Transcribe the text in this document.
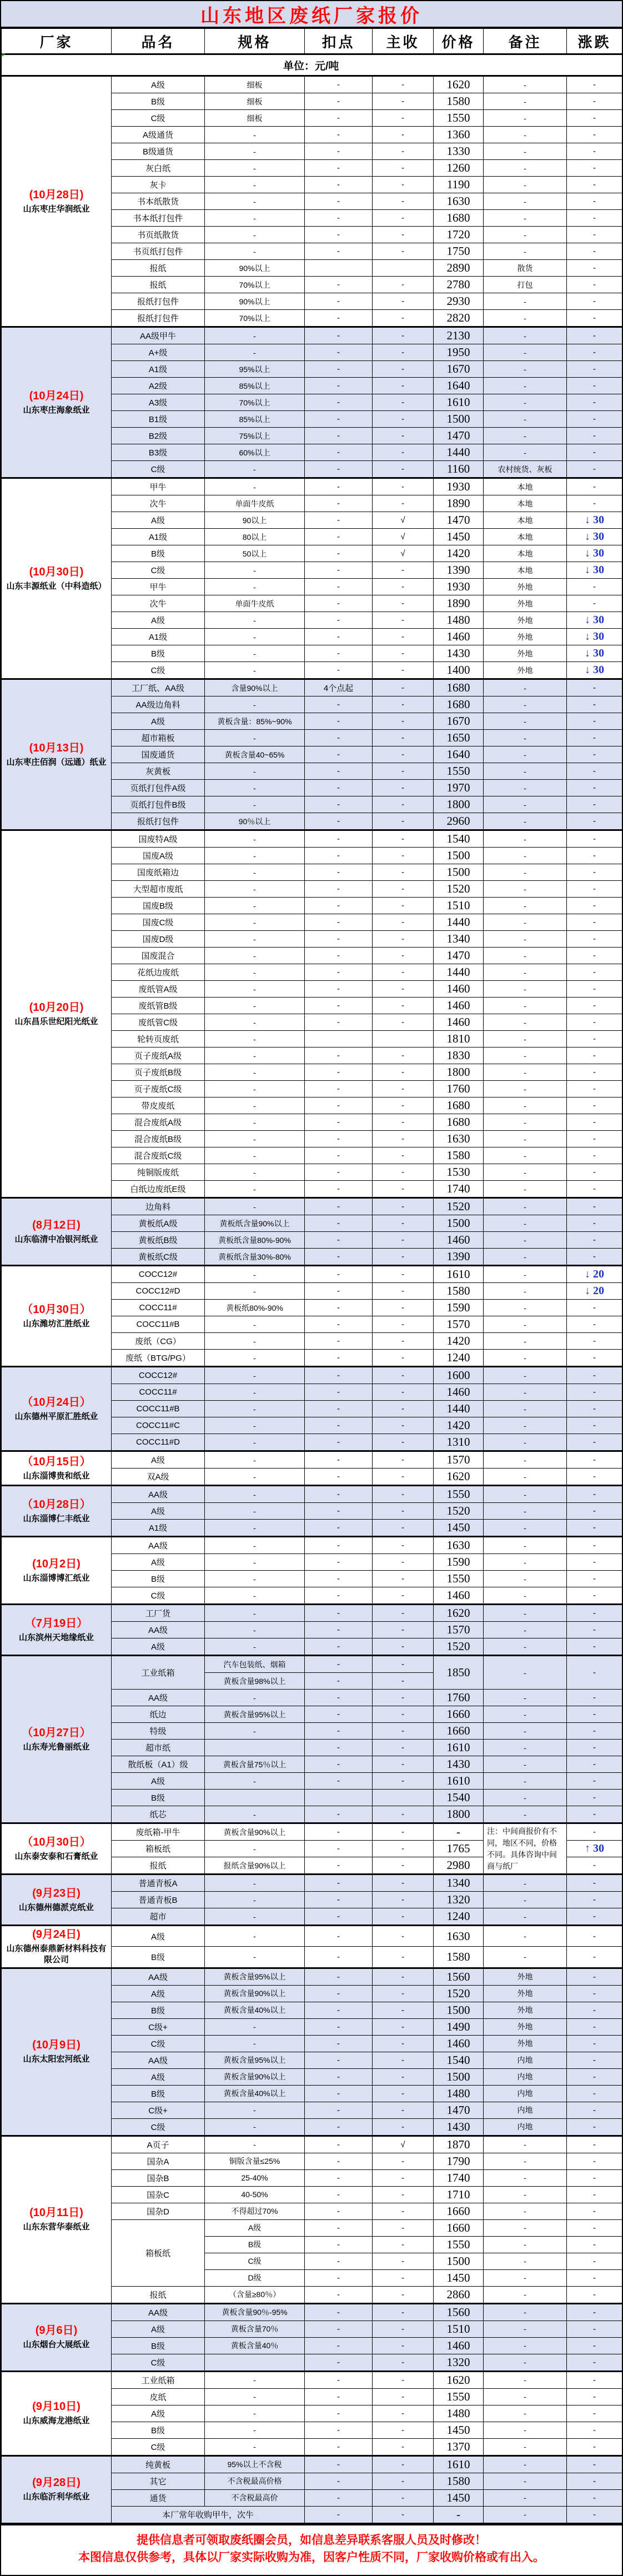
山东地区废纸厂家报价
厂家	品名	规格	扣点	主收	价格	备注	涨跌
单位：元/吨							

(10月28日)
山东枣庄华润纸业	A级	细板	-	-	1620	-	-
	B级	细板	-	-	1580	-	-
	C级	细板	-	-	1550	-	-
	A级通货	-	-	-	1360	-	-
	B级通货	-	-	-	1330	-	-
	灰白纸	-	-	-	1260	-	-
	灰卡	-	-	-	1190	-	-
	书本纸散货	-	-	-	1630	-	-
	书本纸打包件	-	-	-	1680	-	-
	书页纸散货	-	-	-	1720	-	-
	书页纸打包件	-	-	-	1750	-	-
	报纸	90%以上			2890	散货	-
	报纸	70%以上	-	-	2780	打包	-
	报纸打包件	90%以上	-	-	2930	-	-
	报纸打包件	70%以上	-	-	2820	-	-

(10月24日)
山东枣庄海象纸业	AA级甲牛	-	-	-	2130	-	-
	A+级	-	-	-	1950	-	-
	A1级	95%以上	-	-	1670	-	-
	A2级	85%以上	-	-	1640	-	-
	A3级	70%以上	-	-	1610	-	-
	B1级	85%以上	-	-	1500	-	-
	B2级	75%以上	-	-	1470	-	-
	B3级	60%以上	-	-	1440	-	-
	C级	-	-	-	1160	农村统货、灰板	-

(10月30日)
山东丰源纸业（中科造纸）	甲牛	-	-	-	1930	本地	-
	次牛	单面牛皮纸	-	-	1890	本地	-
	A级	90以上	-	√	1470	本地	↓ 30
	A1级	80以上	-	√	1450	本地	↓ 30
	B级	50以上	-	√	1420	本地	↓ 30
	C级	-	-	-	1390	本地	↓ 30
	甲牛	-	-	-	1930	外地	-
	次牛	单面牛皮纸	-	-	1890	外地	-
	A级	-	-	-	1480	外地	↓ 30
	A1级	-	-	-	1460	外地	↓ 30
	B级	-	-	-	1430	外地	↓ 30
	C级	-	-	-	1400	外地	↓ 30

(10月13日)
山东枣庄佰润（远通）纸业	工厂纸、AA级	含量90%以上	4个点起	-	1680	-	-
	AA级边角料	-	-	-	1680	-	-
	A级	黄板含量：85%~90%	-	-	1670	-	-
	超市箱板	-	-	-	1650	-	-
	国废通货	黄板含量40~65%	-	-	1640	-	-
	灰黄板	-	-	-	1550	-	-
	页纸打包件A级	-	-	-	1970	-	-
	页纸打包件B级	-	-	-	1800	-	-
	报纸打包件	90％以上	-	-	2960	-	-

(10月20日)
山东昌乐世纪阳光纸业	国废特A级	-	-	-	1540	-	-
	国废A级	-	-	-	1500	-	-
	国废纸箱边	-	-	-	1500	-	-
	大型超市废纸	-	-	-	1520	-	-
	国废B级	-	-	-	1510	-	-
	国废C级	-	-	-	1440	-	-
	国废D级	-	-	-	1340	-	-
	国废混合	-	-	-	1470	-	-
	花纸边废纸	-	-	-	1440	-	-
	废纸管A级	-	-	-	1460	-	-
	废纸管B级	-	-	-	1460	-	-
	废纸管C级	-	-	-	1460	-	-
	轮转页废纸	-			1810	-	-
	页子废纸A级	-	-	-	1830	-	-
	页子废纸B级	-	-	-	1800	-	-
	页子废纸C级	-	-	-	1760	-	-
	带皮废纸	-	-	-	1680	-	-
	混合废纸A级	-	-	-	1680	-	-
	混合废纸B级	-	-	-	1630	-	-
	混合废纸C级	-	-	-	1580	-	-
	纯铜版废纸	-	-	-	1530	-	-
	白纸边废纸E级	-	-	-	1740	-	-

(8月12日)
山东临清中冶银河纸业	边角料	-	-	-	1520	-	-
	黄板纸A级	黄板纸含量90%以上	-	-	1500	-	-
	黄板纸B级	黄板纸含量80%-90%	-	-	1460	-	-
	黄板纸C级	黄板纸含量30%-80%	-	-	1390	-	-

（10月30日）
山东潍坊汇胜纸业	COCC12#	-	-	-	1610	-	↓ 20
	COCC12#D	-	-	-	1580	-	↓ 20
	COCC11#	黄板纸80%-90%	-	-	1590	-	-
	COCC11#B	-	-	-	1570	-	-
	废纸（CG）	-	-	-	1420	-	-
	废纸（BTG/PG）	-	-	-	1240	-	-

（10月24日）
山东德州平原汇胜纸业	COCC12#	-	-	-	1600	-	-
	COCC11#	-	-	-	1460	-	-
	COCC11#B	-	-	-	1440	-	-
	COCC11#C	-	-	-	1420	-	-
	COCC11#D	-	-	-	1310	-	-

（10月15日）
山东淄博贵和纸业	A级	-	-	-	1570	-	-
	双A级	-	-	-	1620	-	-

（10月28日）
山东淄博仁丰纸业	AA级	-	-	-	1550	-	-
	A级	-	-	-	1520	-	-
	A1级	-	-	-	1450	-	-

(10月2日)
山东淄博博汇纸业	AA级	-	-	-	1630	-	-
	A级	-	-	-	1590	-	-
	B级	-	-	-	1550	-	-
	C级	-	-	-	1460	-	-

（7月19日）
山东滨州天地缘纸业	工厂货	-	-	-	1620	-	-
	AA级	-	-	-	1570	-	-
	A级	-	-	-	1520	-	-

（10月27日）
山东寿光鲁丽纸业	工业纸箱	汽车包装纸、烟箱	-	-	1850	-	-
		黄板含量98%以上	-	-			
	AA级	-	-	-	1760	-	-
	纸边	黄板含量95%以上	-	-	1660	-	-
	特级	-	-	-	1660	-	-
	超市纸		-	-	1610	-	-
	散纸板（A1）级	黄板含量75％以上	-	-	1430	-	-
	A级	-	-	-	1610	-	-
	B级				1540	-	-
	纸芯	-	-	-	1800	-	-

（10月30日）
山东泰安泰和石膏纸业	废纸箱-甲牛	黄板含量90%以上	-	-	-	注：中间商报价有不同，地区不同，价格不同。具体咨询中间商与纸厂	-
	箱板纸	-	-	-	1765		↑ 30
	报纸	报纸含量90%以上	-	-	2980		-

(9月23日)
山东德州德派克纸业	普通青板A	-	-	-	1340	-	-
	普通青板B	-	-	-	1320	-	-
	超市	-	-	-	1240	-	-

(9月24日)
山东德州泰鼎新材料科技有限公司	A级	-	-	-	1630	-	-
	B级	-	-	-	1580	-	-

(10月9日)
山东太阳宏河纸业	AA级	黄板含量95%以上	-	-	1560	外地	-
	A级	黄板含量90%以上	-	-	1520	外地	-
	B级	黄板含量40%以上	-	-	1500	外地	-
	C级+	-	-	-	1490	外地	-
	C级	-	-	-	1460	外地	-
	AA级	黄板含量95%以上	-	-	1540	内地	-
	A级	黄板含量90%以上	-	-	1500	内地	-
	B级	黄板含量40%以上	-	-	1480	内地	-
	C级+	-	-	-	1470	内地	-
	C级	-	-	-	1430	内地	-

(10月11日)
山东东营华泰纸业	A页子	-	-	√	1870	-	-
	国杂A	铜版含量≤25%	-	-	1790	-	-
	国杂B	25-40%	-	-	1740	-	-
	国杂C	40-50%	-	-	1710	-	-
	国杂D	不得超过70%	-	-	1660	-	-
	箱板纸	A级	-	-	1660	-	-
		B级	-	-	1550	-	-
		C级	-	-	1500	-	-
		D级	-	-	1450	-	-
	报纸	（含量≥80％）	-	-	2860	-	-

(9月6日)
山东烟台大展纸业	AA级	黄板含量90％-95%	-	-	1560	-	-
	A级	黄板含量70％	-	-	1510	-	-
	B级	黄板含量40％	-	-	1460	-	-
	C级		-	-	1320	-	-

(9月10日)
山东威海龙港纸业	工业纸箱	-	-	-	1620	-	-
	皮纸	-	-	-	1550	-	-
	A级	-	-	-	1480	-	-
	B级	-	-	-	1450	-	-
	C级	-	-	-	1370	-	-

(9月28日)
山东临沂利华纸业	纯黄板	95%以上不含税	-	-	1610	-	-
	其它	不含税最高价格	-	-	1580	-	-
	通货	不含税最高价	-	-	1450	-	-
	本厂常年收购甲牛，次牛		-	-	-	-	-

提供信息者可领取废纸圈会员，如信息差异联系客服人员及时修改！

本图信息仅供参考，具体以厂家实际收购为准，因客户性质不同，厂家收购价格或有出入。
